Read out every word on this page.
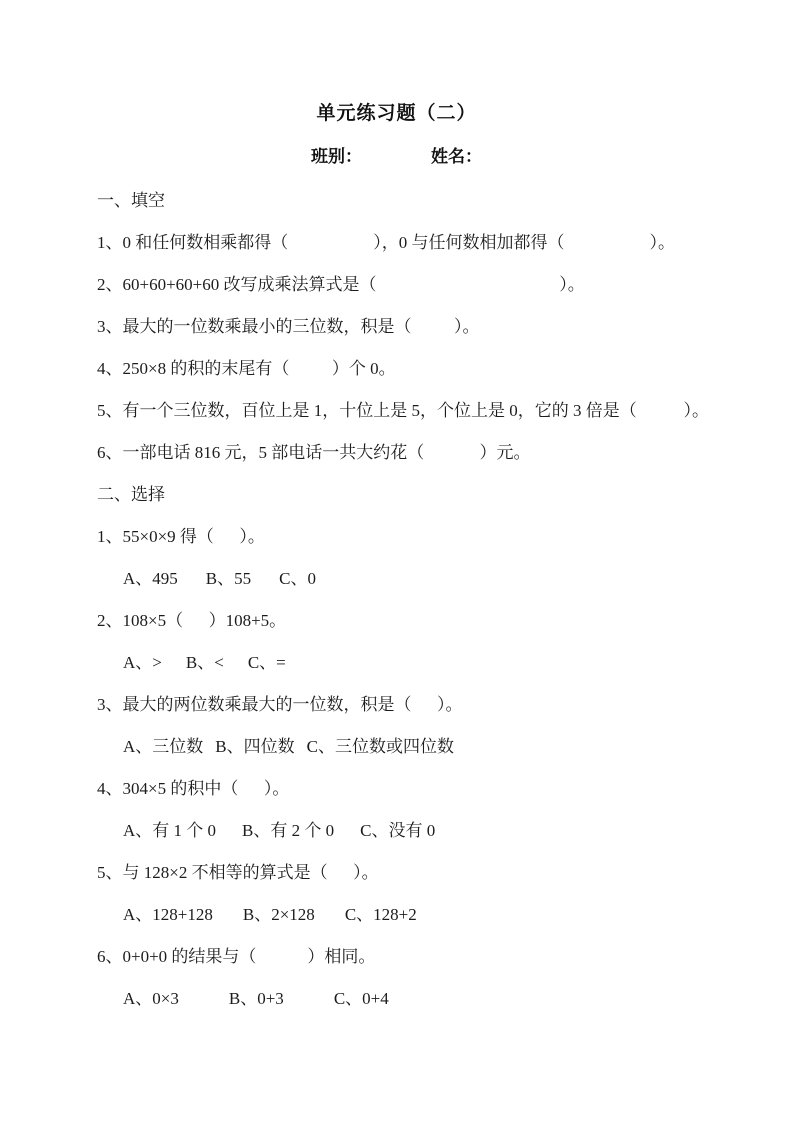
单元练习题（二）
班别：	姓名：
一、填空
1、0 和任何数相乘都得（                    ），0 与任何数相加都得（                    ）。
2、60+60+60+60 改写成乘法算式是（                                           ）。
3、最大的一位数乘最小的三位数，积是（          ）。
4、250×8 的积的末尾有（          ）个 0。
5、有一个三位数，百位上是 1，十位上是 5，个位上是 0，它的 3 倍是（           ）。
6、一部电话 816 元，5 部电话一共大约花（             ）元。
二、选择
1、55×0×9 得（      ）。
A、495 B、55 C、0
2、108×5（      ）108+5。
A、> B、< C、=
3、最大的两位数乘最大的一位数，积是（      ）。
A、三位数 B、四位数 C、三位数或四位数
4、304×5 的积中（      ）。
A、有 1 个 0 B、有 2 个 0 C、没有 0
5、与 128×2 不相等的算式是（      ）。
A、128+128 B、2×128 C、128+2
6、0+0+0 的结果与（            ）相同。
A、0×3	B、0+3	C、0+4
